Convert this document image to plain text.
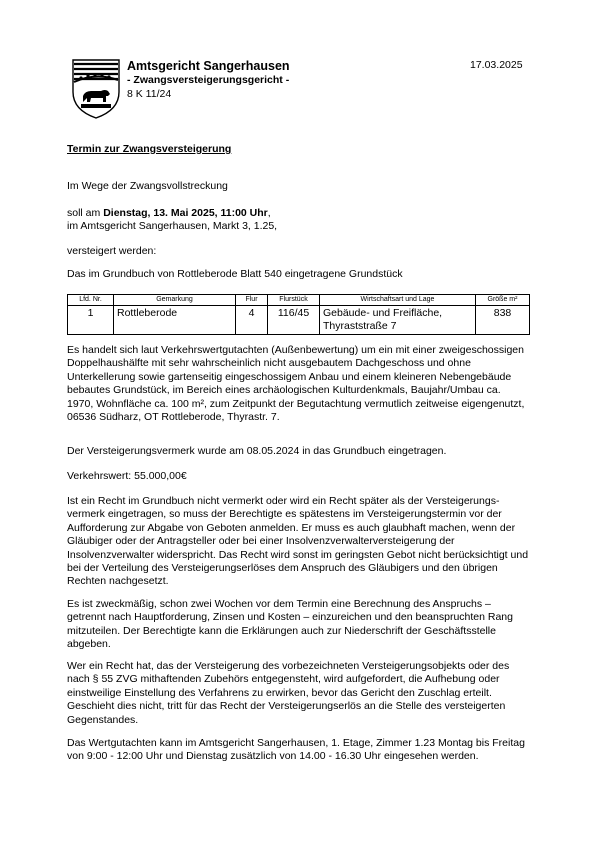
Amtsgericht Sangerhausen
- Zwangsversteigerungsgericht -
8 K 11/24
17.03.2025
Termin zur Zwangsversteigerung
Im Wege der Zwangsvollstreckung
soll am Dienstag, 13. Mai 2025, 11:00 Uhr,
im Amtsgericht Sangerhausen, Markt 3, 1.25,
versteigert werden:
Das im Grundbuch von Rottleberode Blatt 540 eingetragene Grundstück
Lfd. Nr.	Gemarkung	Flur	Flurstück	Wirtschaftsart und Lage	Größe m²
1	Rottleberode	4	116/45	Gebäude- und Freifläche, Thyraststraße 7	838
Es handelt sich laut Verkehrswertgutachten (Außenbewertung) um ein mit einer zweigeschossigen Doppelhaushälfte mit sehr wahrscheinlich nicht ausgebautem Dachgeschoss und ohne Unterkellerung sowie gartenseitig eingeschossigem Anbau und einem kleineren Nebengebäude bebautes Grundstück, im Bereich eines archäologischen Kulturdenkmals, Baujahr/Umbau ca. 1970, Wohnfläche ca. 100 m², zum Zeitpunkt der Begutachtung vermutlich zeitweise eigengenutzt,
06536 Südharz, OT Rottleberode, Thyrastr. 7.
Der Versteigerungsvermerk wurde am 08.05.2024 in das Grundbuch eingetragen.
Verkehrswert: 55.000,00€
Ist ein Recht im Grundbuch nicht vermerkt oder wird ein Recht später als der Versteigerungs-vermerk eingetragen, so muss der Berechtigte es spätestens im Versteigerungstermin vor der Aufforderung zur Abgabe von Geboten anmelden. Er muss es auch glaubhaft machen, wenn der Gläubiger oder der Antragsteller oder bei einer Insolvenzverwalterversteigerung der Insolvenzverwalter widerspricht. Das Recht wird sonst im geringsten Gebot nicht berücksichtigt und bei der Verteilung des Versteigerungserlöses dem Anspruch des Gläubigers und den übrigen Rechten nachgesetzt.
Es ist zweckmäßig, schon zwei Wochen vor dem Termin eine Berechnung des Anspruchs – getrennt nach Hauptforderung, Zinsen und Kosten – einzureichen und den beanspruchten Rang mitzuteilen. Der Berechtigte kann die Erklärungen auch zur Niederschrift der Geschäftsstelle abgeben.
Wer ein Recht hat, das der Versteigerung des vorbezeichneten Versteigerungsobjekts oder des nach § 55 ZVG mithaftenden Zubehörs entgegensteht, wird aufgefordert, die Aufhebung oder einstweilige Einstellung des Verfahrens zu erwirken, bevor das Gericht den Zuschlag erteilt. Geschieht dies nicht, tritt für das Recht der Versteigerungserlös an die Stelle des versteigerten Gegenstandes.
Das Wertgutachten kann im Amtsgericht Sangerhausen, 1. Etage, Zimmer 1.23 Montag bis Freitag von 9:00 - 12:00 Uhr und Dienstag zusätzlich von 14.00 - 16.30 Uhr eingesehen werden.
